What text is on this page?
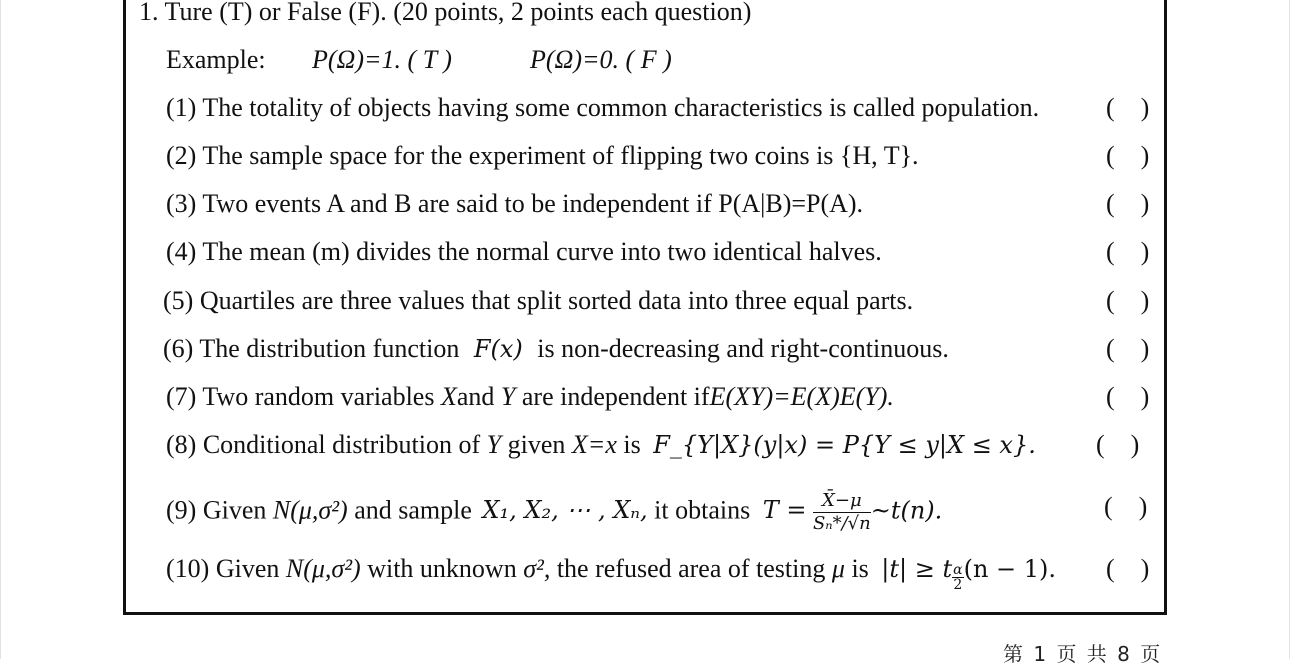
1. Ture (T) or False (F). (20 points, 2 points each question)
Example: P(Ω)=1. ( T )	P(Ω)=0. ( F )
(1) The totality of objects having some common characteristics is called population.	(    )
(2) The sample space for the experiment of flipping two coins is {H, T}.	(    )
(3) Two events A and B are said to be independent if P(A|B)=P(A).	(    )
(4) The mean (m) divides the normal curve into two identical halves.	(    )
(5) Quartiles are three values that split sorted data into three equal parts.	(    )
(6) The distribution function F(x) is non-decreasing and right-continuous.	(    )
(7) Two random variables Xand Y are independent ifE(XY)=E(X)E(Y).	(    )
(8) Conditional distribution of Y given X=x is F_{Y|X}(y|x) = P{Y ≤ y|X ≤ x}. (    )
(9) Given N(μ,σ²) and sample X₁, X₂, ⋯ , Xₙ, it obtains $T = \frac{X̄-\mu}{\text{Sₙ*/√n}}$ ~t(n).	(    )
(10) Given N(μ,σ²) with unknown σ², the refused area of testing μ is |t| ≥ t $\frac{\alpha}{2} (n - 1)$. (    )
第 1 页 共 8 页
